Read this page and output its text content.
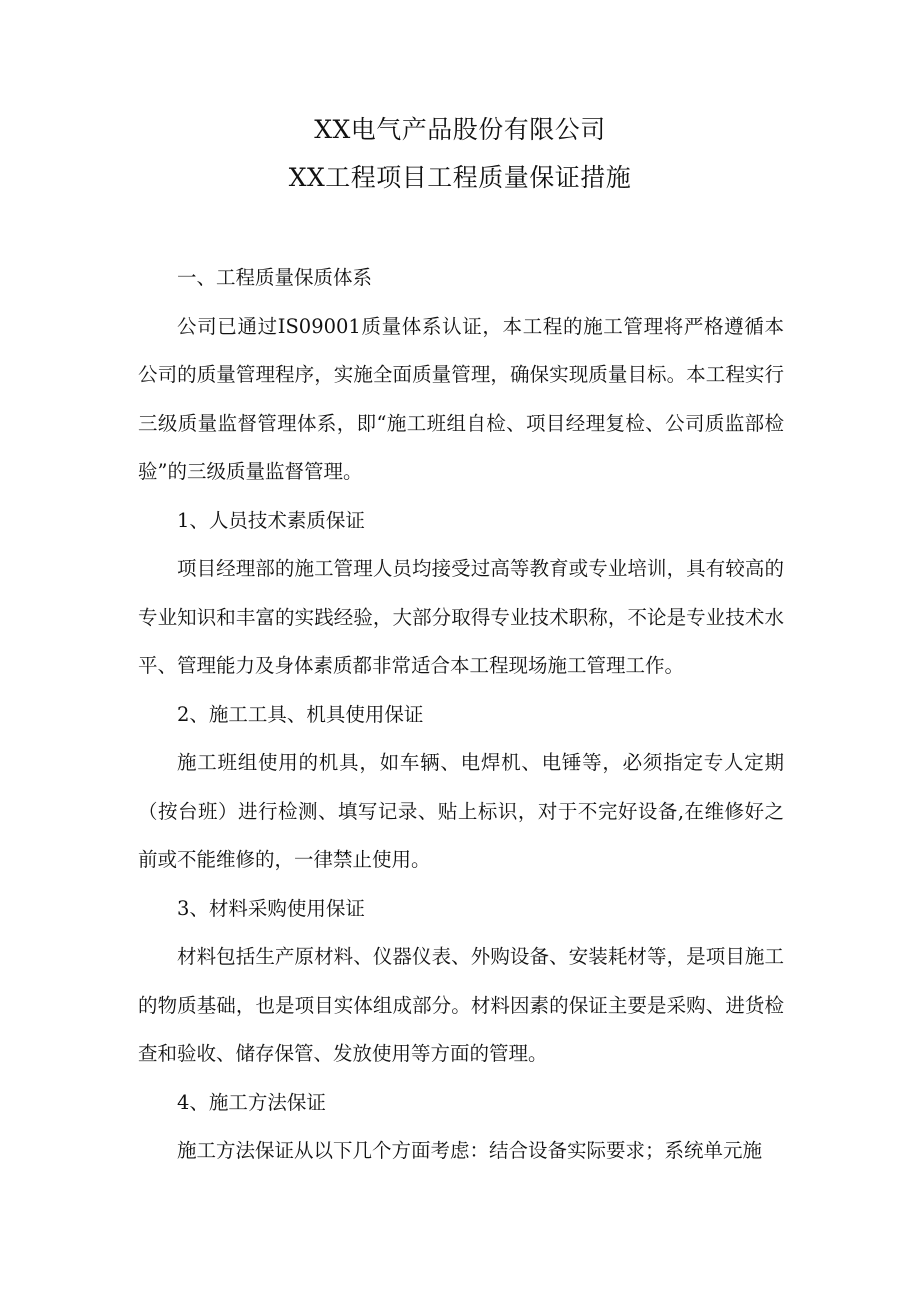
XX电气产品股份有限公司
XX工程项目工程质量保证措施

一、工程质量保质体系

公司已通过IS09001质量体系认证，本工程的施工管理将严格遵循本公司的质量管理程序，实施全面质量管理，确保实现质量目标。本工程实行三级质量监督管理体系，即“施工班组自检、项目经理复检、公司质监部检验”的三级质量监督管理。

1、人员技术素质保证

项目经理部的施工管理人员均接受过高等教育或专业培训，具有较高的专业知识和丰富的实践经验，大部分取得专业技术职称，不论是专业技术水平、管理能力及身体素质都非常适合本工程现场施工管理工作。

2、施工工具、机具使用保证

施工班组使用的机具，如车辆、电焊机、电锤等，必须指定专人定期（按台班）进行检测、填写记录、贴上标识，对于不完好设备,在维修好之前或不能维修的，一律禁止使用。

3、材料采购使用保证

材料包括生产原材料、仪器仪表、外购设备、安装耗材等，是项目施工的物质基础，也是项目实体组成部分。材料因素的保证主要是采购、进货检查和验收、储存保管、发放使用等方面的管理。

4、施工方法保证

施工方法保证从以下几个方面考虑：结合设备实际要求；系统单元施
